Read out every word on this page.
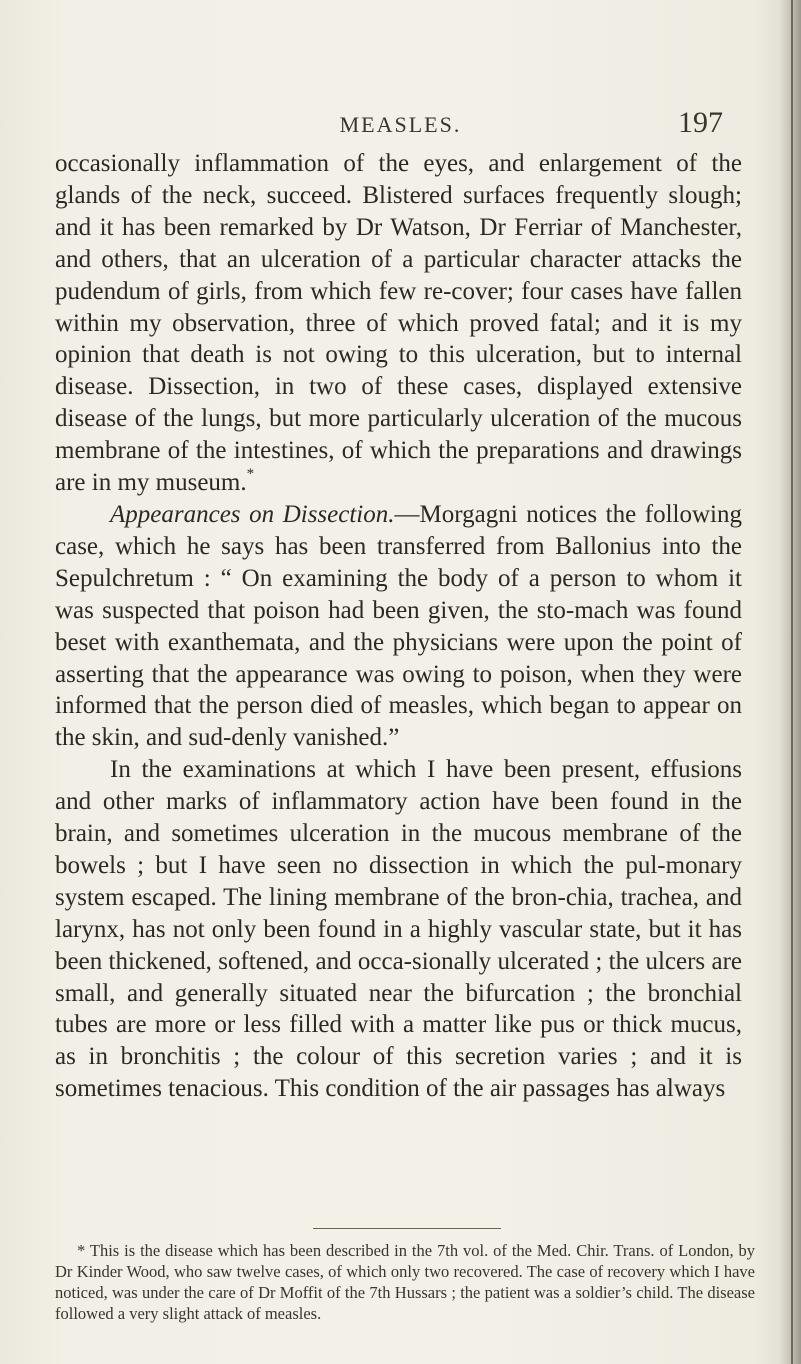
MEASLES.	197

occasionally inflammation of the eyes, and enlargement of the glands of the neck, succeed. Blistered surfaces frequently slough; and it has been remarked by Dr Watson, Dr Ferriar of Manchester, and others, that an ulceration of a particular character attacks the pudendum of girls, from which few re-cover; four cases have fallen within my observation, three of which proved fatal; and it is my opinion that death is not owing to this ulceration, but to internal disease. Dissection, in two of these cases, displayed extensive disease of the lungs, but more particularly ulceration of the mucous membrane of the intestines, of which the preparations and drawings are in my museum.*

Appearances on Dissection.—Morgagni notices the following case, which he says has been transferred from Ballonius into the Sepulchretum : “ On examining the body of a person to whom it was suspected that poison had been given, the sto-mach was found beset with exanthemata, and the physicians were upon the point of asserting that the appearance was owing to poison, when they were informed that the person died of measles, which began to appear on the skin, and sud-denly vanished.”

In the examinations at which I have been present, effusions and other marks of inflammatory action have been found in the brain, and sometimes ulceration in the mucous membrane of the bowels ; but I have seen no dissection in which the pul-monary system escaped. The lining membrane of the bron-chia, trachea, and larynx, has not only been found in a highly vascular state, but it has been thickened, softened, and occa-sionally ulcerated ; the ulcers are small, and generally situated near the bifurcation ; the bronchial tubes are more or less filled with a matter like pus or thick mucus, as in bronchitis ; the colour of this secretion varies ; and it is sometimes tenacious. This condition of the air passages has always

* This is the disease which has been described in the 7th vol. of the Med. Chir. Trans. of London, by Dr Kinder Wood, who saw twelve cases, of which only two recovered. The case of recovery which I have noticed, was under the care of Dr Moffit of the 7th Hussars ; the patient was a soldier’s child. The disease followed a very slight attack of measles.
